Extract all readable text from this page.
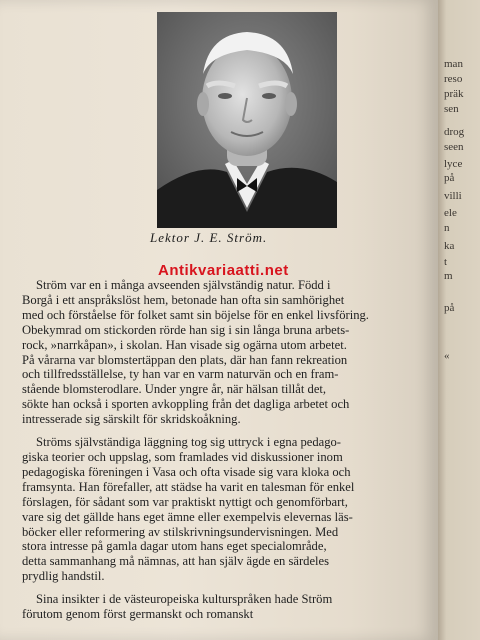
Lektor J. E. Ström.
Antikvariaatti.net

Ström var en i många avseenden självständig natur. Född i

Borgå i ett anspråkslöst hem, betonade han ofta sin samhörighet

med och förståelse för folket samt sin böjelse för en enkel livsföring.

Obekymrad om stickorden rörde han sig i sin långa bruna arbets-

rock, »narrkåpan», i skolan. Han visade sig ogärna utom arbetet.

På vårarna var blomstertäppan den plats, där han fann rekreation

och tillfredsställelse, ty han var en varm naturvän och en fram-

stående blomsterodlare. Under yngre år, när hälsan tillåt det,

sökte han också i sporten avkoppling från det dagliga arbetet och

intresserade sig särskilt för skridskoåkning.

Ströms självständiga läggning tog sig uttryck i egna pedago-

giska teorier och uppslag, som framlades vid diskussioner inom

pedagogiska föreningen i Vasa och ofta visade sig vara kloka och

framsynta. Han förefaller, att städse ha varit en talesman för enkel

förslagen, för sådant som var praktiskt nyttigt och genomförbart,

vare sig det gällde hans eget ämne eller exempelvis elevernas läs-

böcker eller reformering av stilskrivningsundervisningen. Med

stora intresse på gamla dagar utom hans eget specialområde,

detta sammanhang må nämnas, att han själv ägde en särdeles

prydlig handstil.

Sina insikter i de västeuropeiska kulturspråken hade Ström

förutom genom först germanskt och romanskt

man

reso

präk

sen

drog

seen

lyce

på

villi

ele

n

ka

t

m

på

«
